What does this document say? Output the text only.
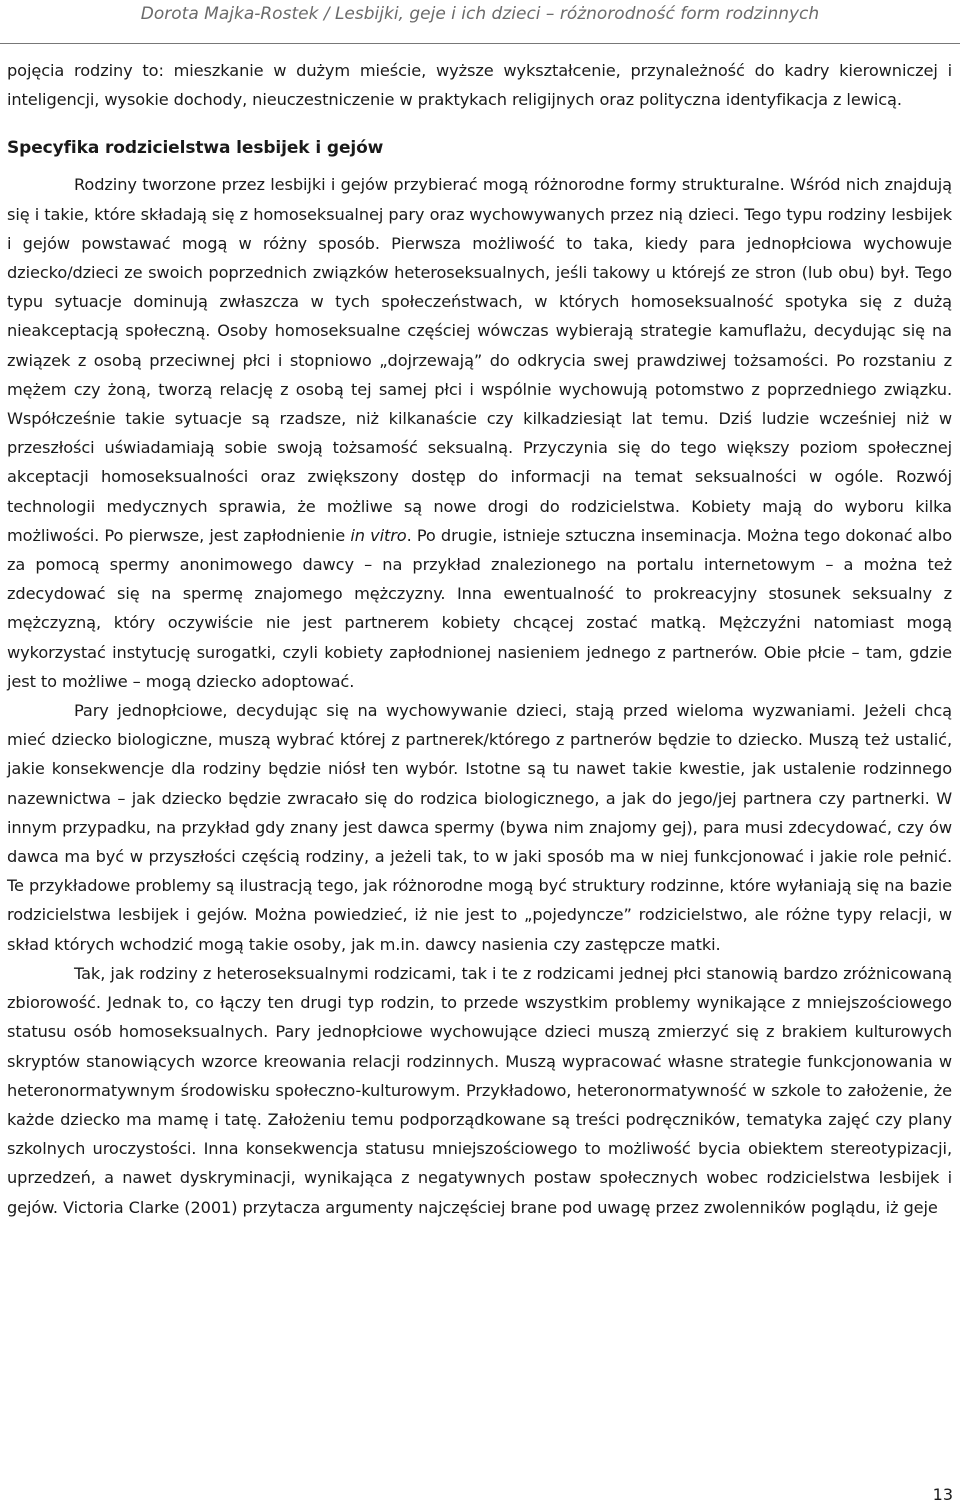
Dorota Majka-Rostek / Lesbijki, geje i ich dzieci – różnorodność form rodzinnych

pojęcia rodziny to: mieszkanie w dużym mieście, wyższe wykształcenie, przynależność do kadry kierowniczej i inteligencji, wysokie dochody, nieuczestniczenie w praktykach religijnych oraz polityczna identyfikacja z lewicą.

Specyfika rodzicielstwa lesbijek i gejów

Rodziny tworzone przez lesbijki i gejów przybierać mogą różnorodne formy strukturalne. Wśród nich znajdują się i takie, które składają się z homoseksualnej pary oraz wychowywanych przez nią dzieci. Tego typu rodziny lesbijek i gejów powstawać mogą w różny sposób. Pierwsza możliwość to taka, kiedy para jednopłciowa wychowuje dziecko/dzieci ze swoich poprzednich związków heteroseksualnych, jeśli takowy u którejś ze stron (lub obu) był. Tego typu sytuacje dominują zwłaszcza w tych społeczeństwach, w których homoseksualność spotyka się z dużą nieakceptacją społeczną. Osoby homoseksualne częściej wówczas wybierają strategie kamuflażu, decydując się na związek z osobą przeciwnej płci i stopniowo „dojrzewają” do odkrycia swej prawdziwej tożsamości. Po rozstaniu z mężem czy żoną, tworzą relację z osobą tej samej płci i wspólnie wychowują potomstwo z poprzedniego związku. Współcześnie takie sytuacje są rzadsze, niż kilkanaście czy kilkadziesiąt lat temu. Dziś ludzie wcześniej niż w przeszłości uświadamiają sobie swoją tożsamość seksualną. Przyczynia się do tego większy poziom społecznej akceptacji homoseksualności oraz zwiększony dostęp do informacji na temat seksualności w ogóle. Rozwój technologii medycznych sprawia, że możliwe są nowe drogi do rodzicielstwa. Kobiety mają do wyboru kilka możliwości. Po pierwsze, jest zapłodnienie in vitro. Po drugie, istnieje sztuczna inseminacja. Można tego dokonać albo za pomocą spermy anonimowego dawcy – na przykład znalezionego na portalu internetowym – a można też zdecydować się na spermę znajomego mężczyzny. Inna ewentualność to prokreacyjny stosunek seksualny z mężczyzną, który oczywiście nie jest partnerem kobiety chcącej zostać matką. Mężczyźni natomiast mogą wykorzystać instytucję surogatki, czyli kobiety zapłodnionej nasieniem jednego z partnerów. Obie płcie – tam, gdzie jest to możliwe – mogą dziecko adoptować.

Pary jednopłciowe, decydując się na wychowywanie dzieci, stają przed wieloma wyzwaniami. Jeżeli chcą mieć dziecko biologiczne, muszą wybrać której z partnerek/którego z partnerów będzie to dziecko. Muszą też ustalić, jakie konsekwencje dla rodziny będzie niósł ten wybór. Istotne są tu nawet takie kwestie, jak ustalenie rodzinnego nazewnictwa – jak dziecko będzie zwracało się do rodzica biologicznego, a jak do jego/jej partnera czy partnerki. W innym przypadku, na przykład gdy znany jest dawca spermy (bywa nim znajomy gej), para musi zdecydować, czy ów dawca ma być w przyszłości częścią rodziny, a jeżeli tak, to w jaki sposób ma w niej funkcjonować i jakie role pełnić. Te przykładowe problemy są ilustracją tego, jak różnorodne mogą być struktury rodzinne, które wyłaniają się na bazie rodzicielstwa lesbijek i gejów. Można powiedzieć, iż nie jest to „pojedyncze” rodzicielstwo, ale różne typy relacji, w skład których wchodzić mogą takie osoby, jak m.in. dawcy nasienia czy zastępcze matki.

Tak, jak rodziny z heteroseksualnymi rodzicami, tak i te z rodzicami jednej płci stanowią bardzo zróżnicowaną zbiorowość. Jednak to, co łączy ten drugi typ rodzin, to przede wszystkim problemy wynikające z mniejszościowego statusu osób homoseksualnych. Pary jednopłciowe wychowujące dzieci muszą zmierzyć się z brakiem kulturowych skryptów stanowiących wzorce kreowania relacji rodzinnych. Muszą wypracować własne strategie funkcjonowania w heteronormatywnym środowisku społeczno-kulturowym. Przykładowo, heteronormatywność w szkole to założenie, że każde dziecko ma mamę i tatę. Założeniu temu podporządkowane są treści podręczników, tematyka zajęć czy plany szkolnych uroczystości. Inna konsekwencja statusu mniejszościowego to możliwość bycia obiektem stereotypizacji, uprzedzeń, a nawet dyskryminacji, wynikająca z negatywnych postaw społecznych wobec rodzicielstwa lesbijek i gejów. Victoria Clarke (2001) przytacza argumenty najczęściej brane pod uwagę przez zwolenników poglądu, iż geje

13
